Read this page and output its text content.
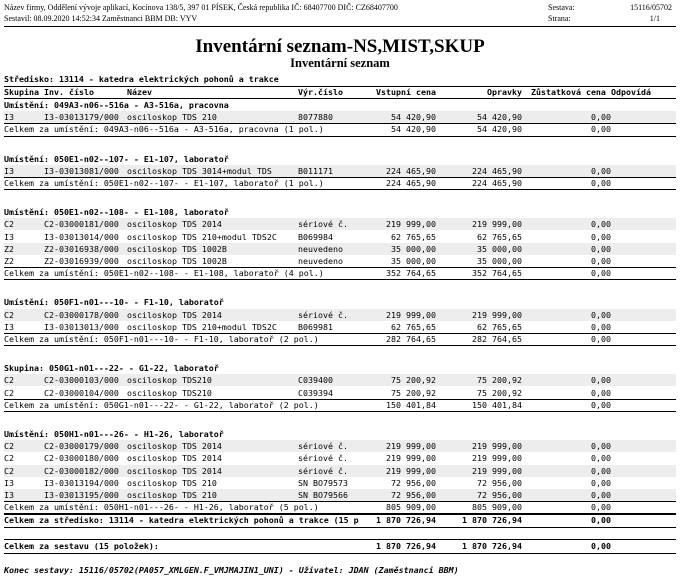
Název firmy, Oddělení vývoje aplikací, Kocínova 138/5, 397 01 PÍSEK, Česká republika IČ: 68407700 DIČ: CZ68407700
Sestavil: 08.09.2020 14:52:34 Zaměstnanci BBM DB: VYV
Sestava:	15116/05702
Strana:	1/1
Inventární seznam-NS,MIST,SKUP
Inventární seznam
Středisko: 13114 - katedra elektrických pohonů a trakce
Skupina Inv. číslo	Název	Výr.číslo	Vstupní cena	Opravky Zůstatková cena Odpovídá
Umístění: 049A3-n06--516a - A3-516a, pracovna
I3	I3-03013179/000 osciloskop TDS 210	8077880	54 420,90	54 420,90	0,00
Celkem za umístění: 049A3-n06--516a - A3-516a, pracovna (1 pol.)	54 420,90	54 420,90	0,00
Umístění: 050E1-n02--107- - E1-107, laboratoř
I3	I3-03013081/000 osciloskop TDS 3014+modul TDS	B011171	224 465,90	224 465,90	0,00
Celkem za umístění: 050E1-n02--107- - E1-107, laboratoř (1 pol.)	224 465,90	224 465,90	0,00
Umístění: 050E1-n02--108- - E1-108, laboratoř
C2	C2-03000181/000 osciloskop TDS 2014	sériové č.	219 999,00	219 999,00	0,00
I3	I3-03013014/000 osciloskop TDS 210+modul TDS2C	B069984	62 765,65	62 765,65	0,00
Z2	Z2-03016938/000 osciloskop TDS 1002B	neuvedeno	35 000,00	35 000,00	0,00
Z2	Z2-03016939/000 osciloskop TDS 1002B	neuvedeno	35 000,00	35 000,00	0,00
Celkem za umístění: 050E1-n02--108- - E1-108, laboratoř (4 pol.)	352 764,65	352 764,65	0,00
Umístění: 050F1-n01---10- - F1-10, laboratoř
C2	C2-03000178/000 osciloskop TDS 2014	sériové č.	219 999,00	219 999,00	0,00
I3	I3-03013013/000 osciloskop TDS 210+modul TDS2C	B069981	62 765,65	62 765,65	0,00
Celkem za umístění: 050F1-n01---10- - F1-10, laboratoř (2 pol.)	282 764,65	282 764,65	0,00
Skupina: 050G1-n01---22- - G1-22, laboratoř
C2	C2-03000103/000 osciloskop TDS210	C039400	75 200,92	75 200,92	0,00
C2	C2-03000104/000 osciloskop TDS210	C039394	75 200,92	75 200,92	0,00
Celkem za umístění: 050G1-n01---22- - G1-22, laboratoř (2 pol.)	150 401,84	150 401,84	0,00
Umístění: 050H1-n01---26- - H1-26, laboratoř
C2	C2-03000179/000 osciloskop TDS 2014	sériové č.	219 999,00	219 999,00	0,00
C2	C2-03000180/000 osciloskop TDS 2014	sériové č.	219 999,00	219 999,00	0,00
C2	C2-03000182/000 osciloskop TDS 2014	sériové č.	219 999,00	219 999,00	0,00
I3	I3-03013194/000 osciloskop TDS 210	SN BO79573	72 956,00	72 956,00	0,00
I3	I3-03013195/000 osciloskop TDS 210	SN BO79566	72 956,00	72 956,00	0,00
Celkem za umístění: 050H1-n01---26- - H1-26, laboratoř (5 pol.)	805 909,00	805 909,00	0,00
Celkem za středisko: 13114 - katedra elektrických pohonů a trakce (15 p	1 870 726,94	1 870 726,94	0,00
Celkem za sestavu (15 položek):	1 870 726,94	1 870 726,94	0,00
Konec sestavy: 15116/05702(PA057_XMLGEN.F_VMJMAJIN1_UNI) - Uživatel: JDAN (Zaměstnanci BBM)
